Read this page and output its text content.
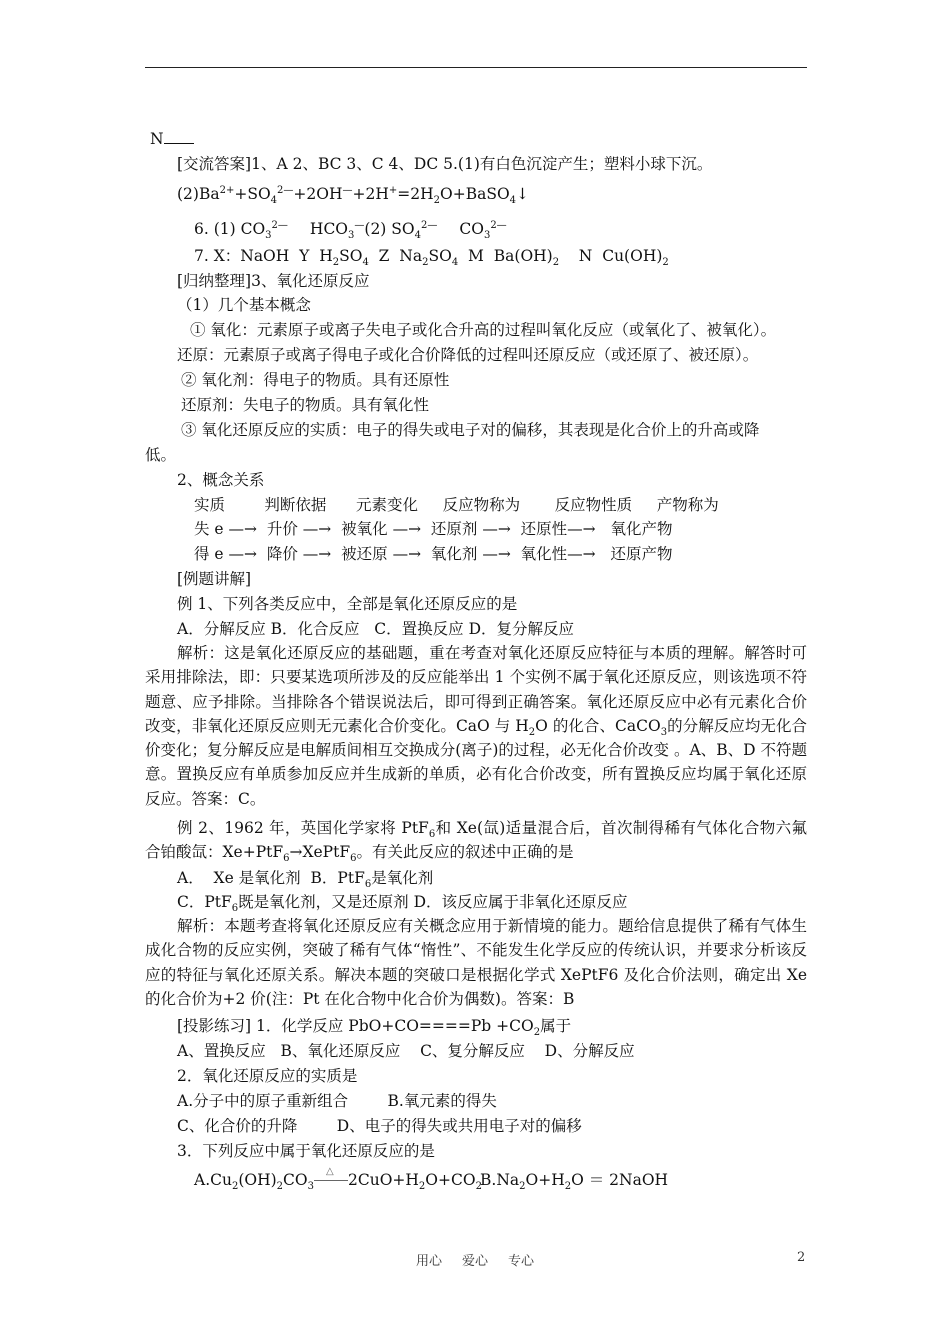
N
[交流答案]1、A 2、BC 3、C 4、DC 5.(1)有白色沉淀产生；塑料小球下沉。
$(2)Ba^{2+}+SO_4^{2—}+2OH^—+2H^+=2H_2O+BaSO_4↓$
6. (1) $CO_3^{2—}$ $HCO_3^—(2)$ $SO_4^{2—}$ $CO_3^{2—}$
7. X：NaOH  Y  $H_2SO_4$  Z  $Na_2SO_4$  M  $Ba(OH)_2$    N  $Cu(OH)_2$
[归纳整理]3、氧化还原反应
（1）几个基本概念
① 氧化：元素原子或离子失电子或化合升高的过程叫氧化反应（或氧化了、被氧化）。
还原：元素原子或离子得电子或化合价降低的过程叫还原反应（或还原了、被还原）。
② 氧化剂：得电子的物质。具有还原性
还原剂：失电子的物质。具有氧化性
③ 氧化还原反应的实质：电子的得失或电子对的偏移，其表现是化合价上的升高或降
低。
2、概念关系
实质        判断依据      元素变化     反应物称为       反应物性质     产物称为
失 e —→  升价 —→  被氧化 —→  还原剂 —→  还原性—→   氧化产物
得 e —→  降价 —→  被还原 —→  氧化剂 —→  氧化性—→   还原产物
[例题讲解]
例 1、下列各类反应中，全部是氧化还原反应的是
A．分解反应 B．化合反应   C．置换反应 D．复分解反应
解析：这是氧化还原反应的基础题，重在考查对氧化还原反应特征与本质的理解。解答时可采用排除法，即：只要某选项所涉及的反应能举出 1 个实例不属于氧化还原反应，则该选项不符题意、应予排除。当排除各个错误说法后，即可得到正确答案。氧化还原反应中必有元素化合价改变，非氧化还原反应则无元素化合价变化。CaO 与 $H_2O$ 的化合、CaCO$_3$的分解反应均无化合价变化；复分解反应是电解质间相互交换成分(离子)的过程，必无化合价改变 。A、B、D 不符题意。置换反应有单质参加反应并生成新的单质，必有化合价改变，所有置换反应均属于氧化还原反应。答案：C。
例 2、1962 年，英国化学家将 PtF$_6$和 Xe(氙)适量混合后，首次制得稀有气体化合物六氟合铂酸氙：Xe+PtF$_6$→XePtF$_6$。有关此反应的叙述中正确的是
A．  Xe 是氧化剂  B．PtF$_6$是氧化剂
C．PtF$_6$既是氧化剂，又是还原剂 D．该反应属于非氧化还原反应
解析：本题考查将氧化还原反应有关概念应用于新情境的能力。题给信息提供了稀有气体生成化合物的反应实例，突破了稀有气体“惰性”、不能发生化学反应的传统认识，并要求分析该反应的特征与氧化还原关系。解决本题的突破口是根据化学式 XePtF6 及化合价法则，确定出 Xe 的化合价为+2 价(注：Pt 在化合物中化合价为偶数)。答案：B
[投影练习] 1．化学反应 $PbO+CO====Pb +CO_2$属于
A、置换反应   B、氧化还原反应    C、复分解反应    D、分解反应
2．氧化还原反应的实质是
A.分子中的原子重新组合        B.氧元素的得失
C、化合价的升降        D、电子的得失或共用电子对的偏移
3．下列反应中属于氧化还原反应的是
$A.Cu_2(OH)_2CO_3$
△ $2CuO+H_2O+CO_2$
$B.Na_2O+H_2O$ ＝ 2NaOH
用心 爱心 专心	2
